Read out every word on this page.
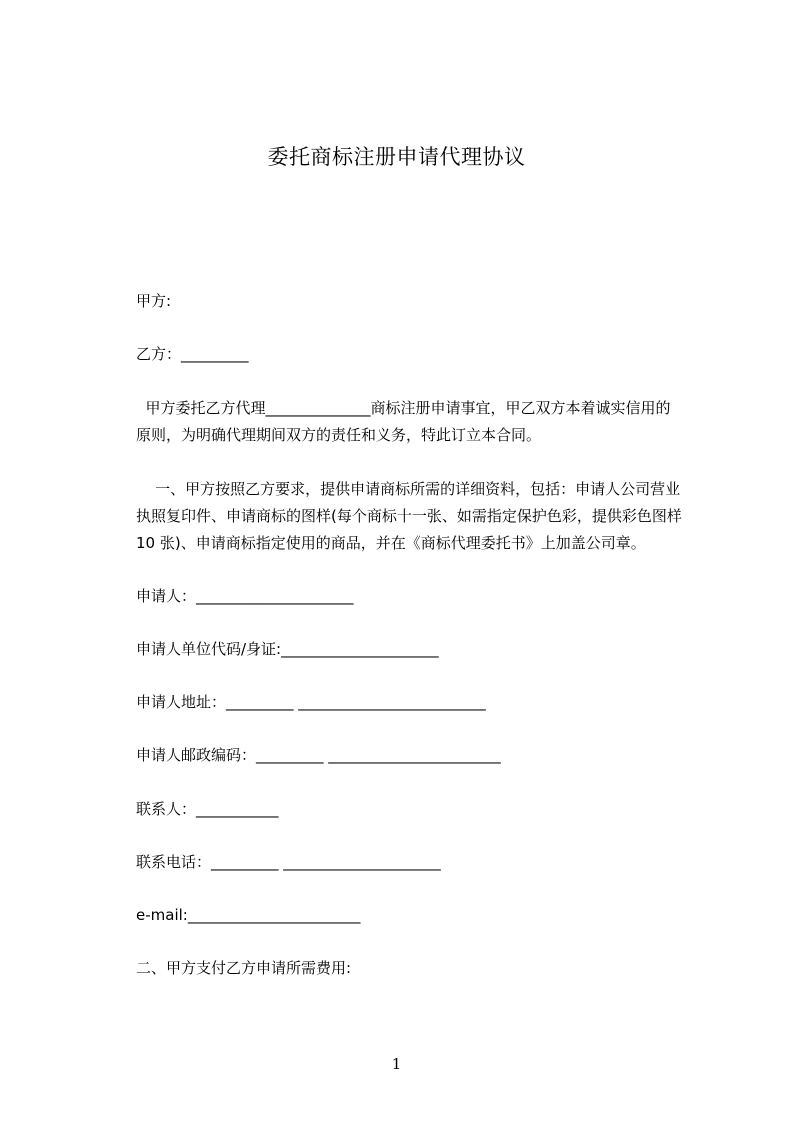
委托商标注册申请代理协议
甲方:
乙方：_________
甲方委托乙方代理______________商标注册申请事宜，甲乙双方本着诚实信用的
原则，为明确代理期间双方的责任和义务，特此订立本合同。
一、甲方按照乙方要求，提供申请商标所需的详细资料，包括：申请人公司营业
执照复印件、申请商标的图样(每个商标十一张、如需指定保护色彩，提供彩色图样
10 张)、申请商标指定使用的商品，并在《商标代理委托书》上加盖公司章。
申请人：_____________________
申请人单位代码/身证:_____________________
申请人地址：_________ _________________________
申请人邮政编码：_________ _______________________
联系人：___________
联系电话：_________ _____________________
e-mail:_______________________
二、甲方支付乙方申请所需费用:
1
